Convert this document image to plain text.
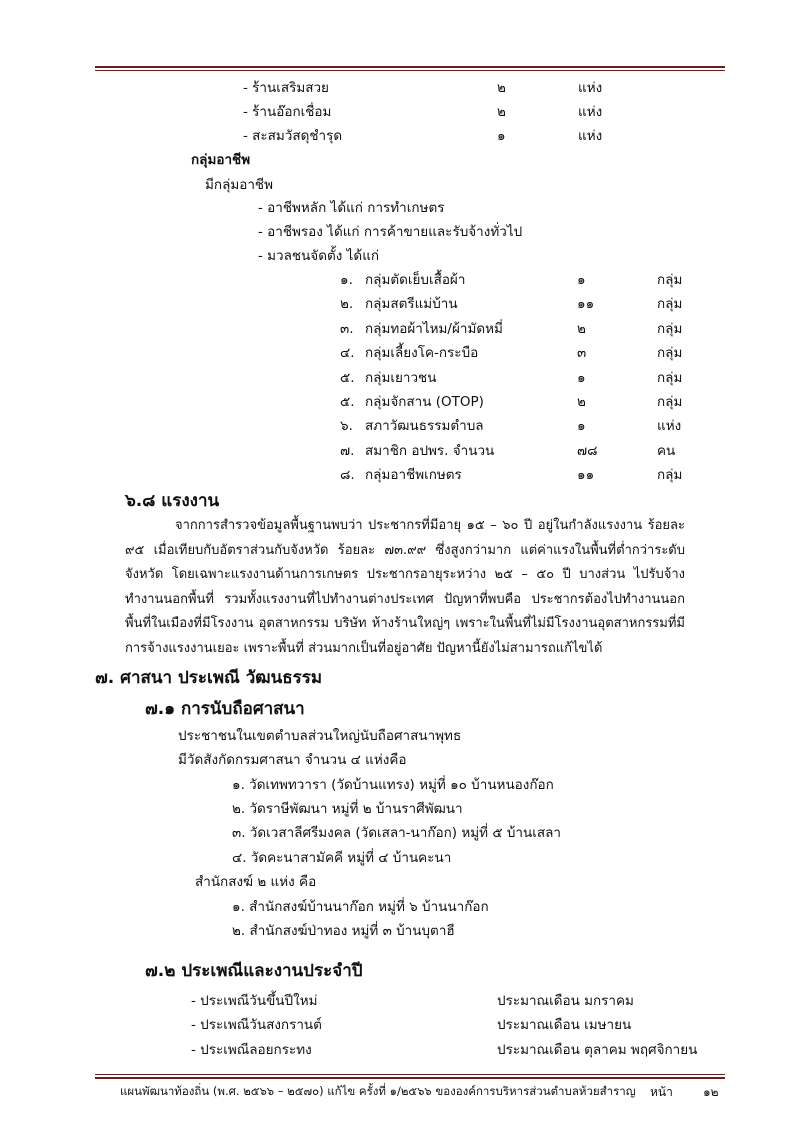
- ร้านเสริมสวย	๒	แห่ง
- ร้านอ๊อกเชื่อม	๒	แห่ง
- สะสมวัสดุชำรุด	๑	แห่ง
กลุ่มอาชีพ
มีกลุ่มอาชีพ
- อาชีพหลัก ได้แก่ การทำเกษตร
- อาชีพรอง ได้แก่ การค้าขายและรับจ้างทั่วไป
- มวลชนจัดตั้ง ได้แก่
๑. กลุ่มตัดเย็บเสื้อผ้า	๑	กลุ่ม
๒. กลุ่มสตรีแม่บ้าน	๑๑	กลุ่ม
๓. กลุ่มทอผ้าไหม/ผ้ามัดหมี่	๒	กลุ่ม
๔. กลุ่มเลี้ยงโค-กระบือ	๓	กลุ่ม
๕. กลุ่มเยาวชน	๑	กลุ่ม
๕. กลุ่มจักสาน (OTOP)	๒	กลุ่ม
๖. สภาวัฒนธรรมตำบล	๑	แห่ง
๗. สมาชิก อปพร. จำนวน	๗๘	คน
๘. กลุ่มอาชีพเกษตร	๑๑	กลุ่ม
๖.๘ แรงงาน
จากการสำรวจข้อมูลพื้นฐานพบว่า ประชากรที่มีอายุ ๑๕ – ๖๐ ปี อยู่ในกำลังแรงงาน ร้อยละ ๙๕ เมื่อเทียบกับอัตราส่วนกับจังหวัด ร้อยละ ๗๓.๙๙ ซึ่งสูงกว่ามาก แต่ค่าแรงในพื้นที่ต่ำกว่าระดับจังหวัด โดยเฉพาะแรงงานด้านการเกษตร ประชากรอายุระหว่าง ๒๕ – ๕๐ ปี บางส่วน ไปรับจ้างทำงานนอกพื้นที่ รวมทั้งแรงงานที่ไปทำงานต่างประเทศ ปัญหาที่พบคือ ประชากรต้องไปทำงานนอกพื้นที่ในเมืองที่มีโรงงาน อุตสาหกรรม บริษัท ห้างร้านใหญ่ๆ เพราะในพื้นที่ไม่มีโรงงานอุตสาหกรรมที่มีการจ้างแรงงานเยอะ เพราะพื้นที่ ส่วนมากเป็นที่อยู่อาศัย ปัญหานี้ยังไม่สามารถแก้ไขได้
๗. ศาสนา ประเพณี วัฒนธรรม
๗.๑ การนับถือศาสนา
ประชาชนในเขตตำบลส่วนใหญ่นับถือศาสนาพุทธ
มีวัดสังกัดกรมศาสนา จำนวน ๔ แห่งคือ
๑. วัดเทพทวารา (วัดบ้านแทรง) หมู่ที่ ๑๐ บ้านหนองก๊อก
๒. วัดราษีพัฒนา หมู่ที่ ๒ บ้านราศีพัฒนา
๓. วัดเวสาลีศรีมงคล (วัดเสลา-นาก๊อก) หมู่ที่ ๕ บ้านเสลา
๔. วัดคะนาสามัคคี หมู่ที่ ๔ บ้านคะนา
สำนักสงฆ์ ๒ แห่ง คือ
๑. สำนักสงฆ์บ้านนาก๊อก หมู่ที่ ๖ บ้านนาก๊อก
๒. สำนักสงฆ์ป่าทอง หมู่ที่ ๓ บ้านบุตาฮี
๗.๒ ประเพณีและงานประจำปี
- ประเพณีวันขึ้นปีใหม่	ประมาณเดือน มกราคม
- ประเพณีวันสงกรานต์	ประมาณเดือน เมษายน
- ประเพณีลอยกระทง	ประมาณเดือน ตุลาคม พฤศจิกายน
แผนพัฒนาท้องถิ่น (พ.ศ. ๒๕๖๖ – ๒๕๗๐) แก้ไข ครั้งที่ ๑/๒๕๖๖ ขององค์การบริหารส่วนตำบลห้วยสำราญ หน้า	๑๒
